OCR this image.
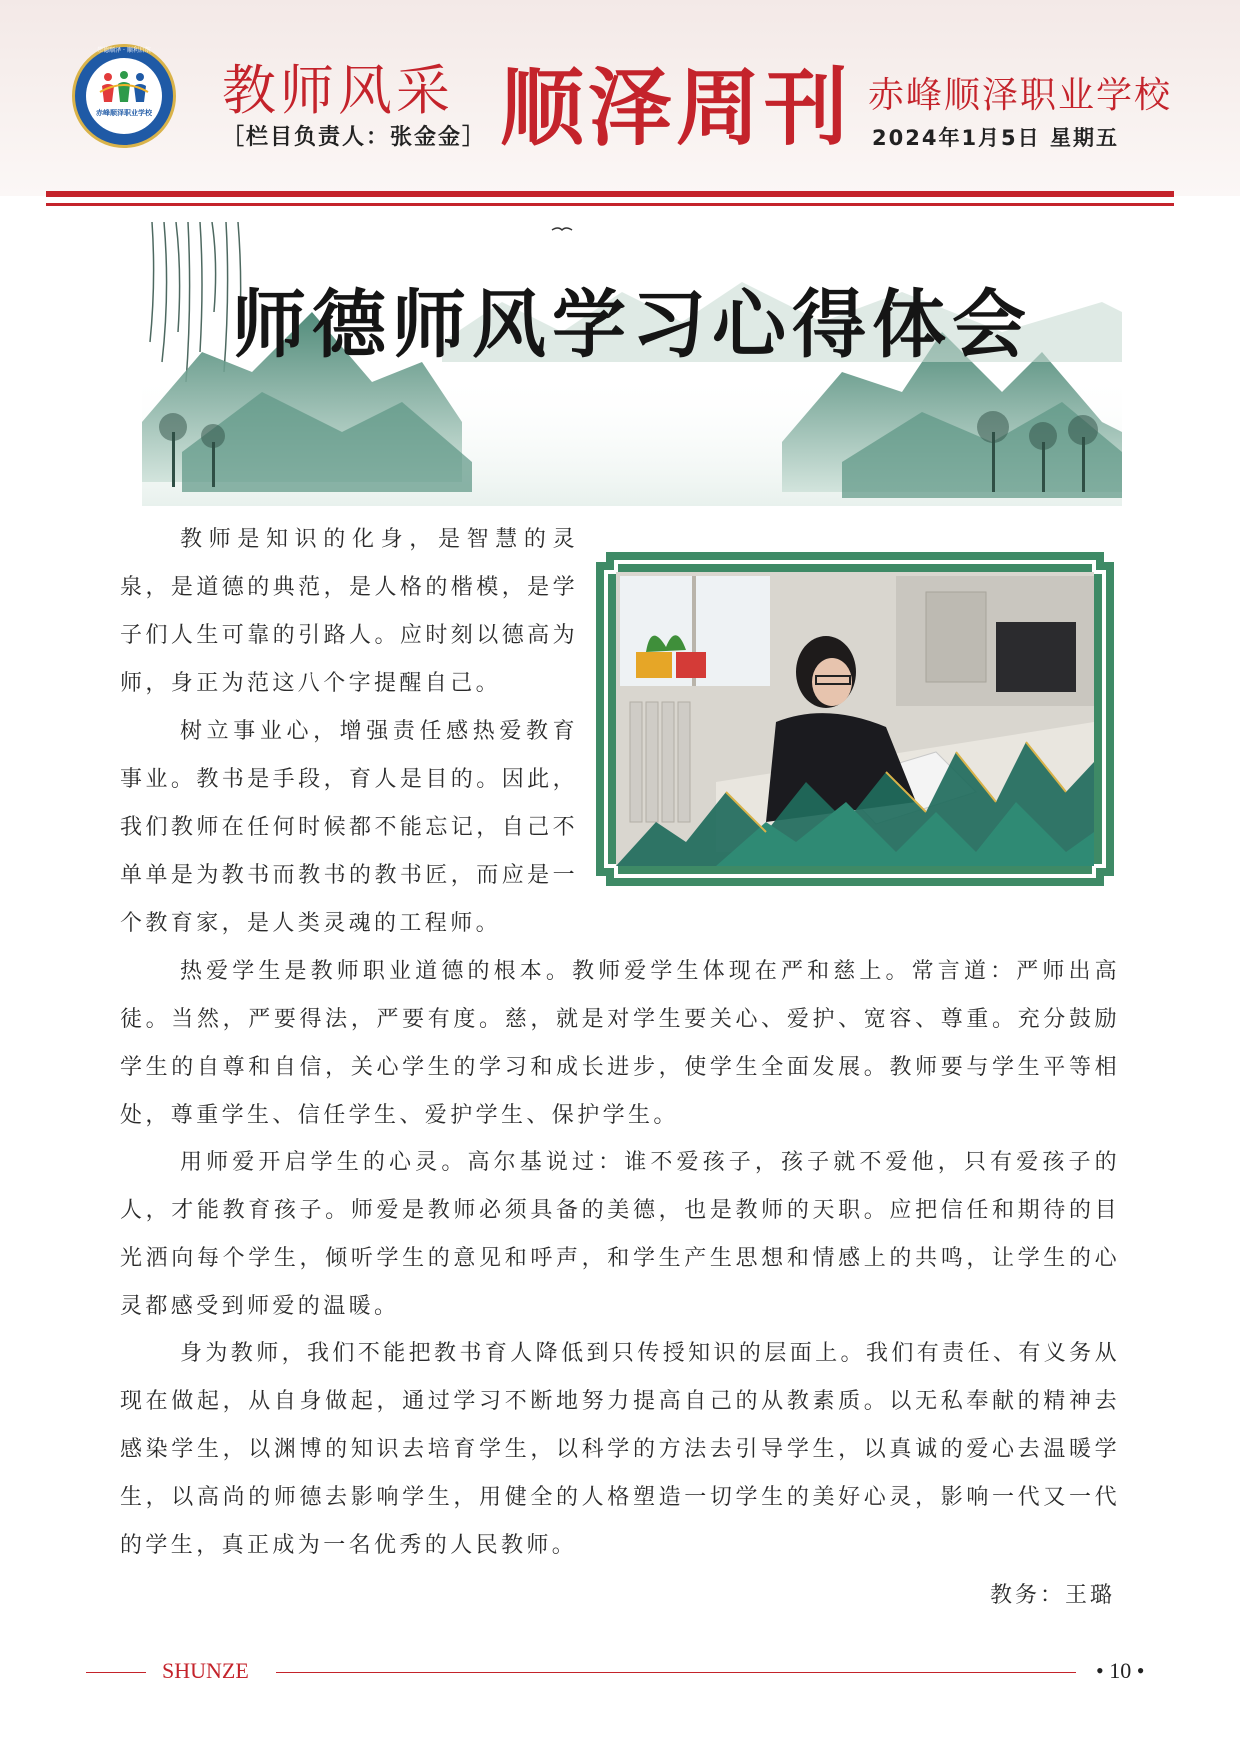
崇德顺泽 · 顺利启航
赤峰顺泽职业学校 教师风采
［栏目负责人：张金金］ 顺泽周刊 赤峰顺泽职业学校
2024年1月5日 星期五
师德师风学习心得体会

教师是知识的化身，是智慧的灵泉，是道德的典范，是人格的楷模，是学子们人生可靠的引路人。应时刻以德高为师，身正为范这八个字提醒自己。

树立事业心，增强责任感热爱教育事业。教书是手段，育人是目的。因此，我们教师在任何时候都不能忘记，自己不单单是为教书而教书的教书匠，而应是一个教育家，是人类灵魂的工程师。

热爱学生是教师职业道德的根本。教师爱学生体现在严和慈上。常言道：严师出高徒。当然，严要得法，严要有度。慈，就是对学生要关心、爱护、宽容、尊重。充分鼓励学生的自尊和自信，关心学生的学习和成长进步，使学生全面发展。教师要与学生平等相处，尊重学生、信任学生、爱护学生、保护学生。

用师爱开启学生的心灵。高尔基说过：谁不爱孩子，孩子就不爱他，只有爱孩子的人，才能教育孩子。师爱是教师必须具备的美德，也是教师的天职。应把信任和期待的目光洒向每个学生，倾听学生的意见和呼声，和学生产生思想和情感上的共鸣，让学生的心灵都感受到师爱的温暖。

身为教师，我们不能把教书育人降低到只传授知识的层面上。我们有责任、有义务从现在做起，从自身做起，通过学习不断地努力提高自己的从教素质。以无私奉献的精神去感染学生，以渊博的知识去培育学生，以科学的方法去引导学生，以真诚的爱心去温暖学生，以高尚的师德去影响学生，用健全的人格塑造一切学生的美好心灵，影响一代又一代的学生，真正成为一名优秀的人民教师。

教务：王璐
SHUNZE	• 10 •
